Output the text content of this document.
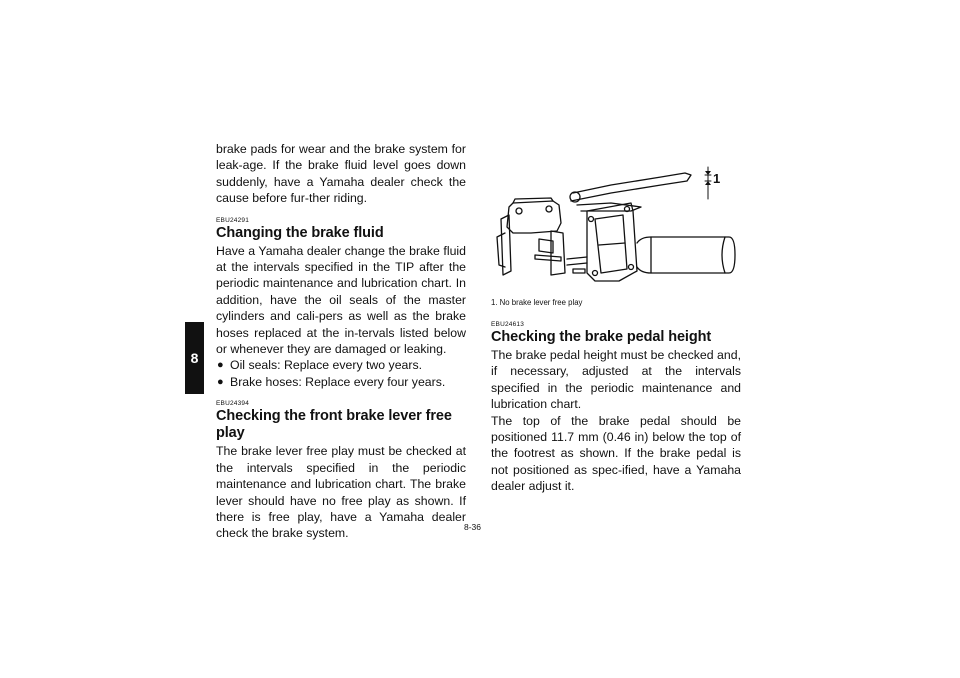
8

brake pads for wear and the brake system for leak-age. If the brake fluid level goes down suddenly, have a Yamaha dealer check the cause before fur-ther riding.

EBU24291
Changing the brake fluid

Have a Yamaha dealer change the brake fluid at the intervals specified in the TIP after the periodic maintenance and lubrication chart. In addition, have the oil seals of the master cylinders and cali-pers as well as the brake hoses replaced at the in-tervals listed below or whenever they are damaged or leaking.

● Oil seals: Replace every two years.
● Brake hoses: Replace every four years.
EBU24394
Checking the front brake lever free play

The brake lever free play must be checked at the intervals specified in the periodic maintenance and lubrication chart. The brake lever should have no free play as shown. If there is free play, have a Yamaha dealer check the brake system.

1
1. No brake lever free play
EBU24613
Checking the brake pedal height

The brake pedal height must be checked and, if necessary, adjusted at the intervals specified in the periodic maintenance and lubrication chart.

The top of the brake pedal should be positioned 11.7 mm (0.46 in) below the top of the footrest as shown. If the brake pedal is not positioned as spec-ified, have a Yamaha dealer adjust it.

8-36
